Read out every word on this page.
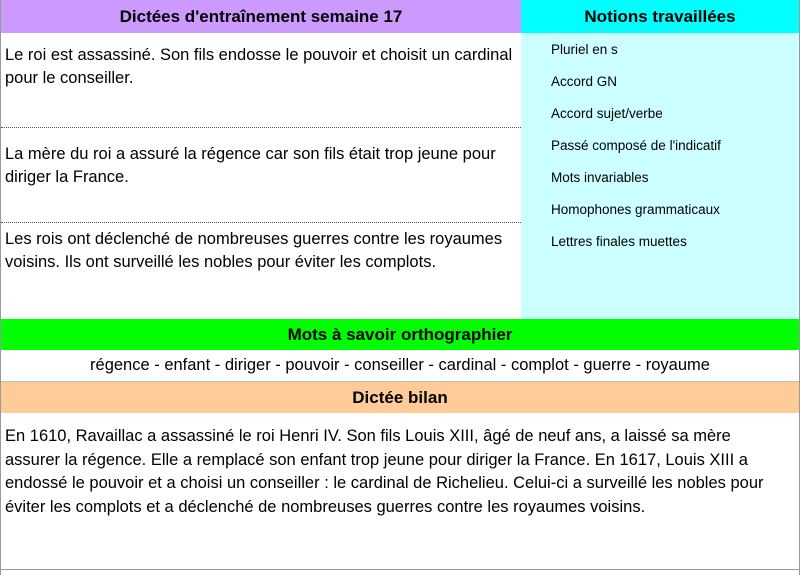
Dictées d'entraînement semaine 17
Le roi est assassiné. Son fils endosse le pouvoir et choisit un cardinal pour le conseiller.
La mère du roi a assuré la régence car son fils était trop jeune pour diriger la France.
Les rois ont déclenché de nombreuses guerres contre les royaumes voisins. Ils ont surveillé les nobles pour éviter les complots.
Notions travaillées
Pluriel en s
Accord GN
Accord sujet/verbe
Passé composé de l'indicatif
Mots invariables
Homophones grammaticaux
Lettres finales muettes
Mots à savoir orthographier
régence - enfant - diriger - pouvoir - conseiller - cardinal - complot - guerre - royaume
Dictée bilan
En 1610, Ravaillac a assassiné le roi Henri IV. Son fils Louis XIII, âgé de neuf ans, a laissé sa mère assurer la régence. Elle a remplacé son enfant trop jeune pour diriger la France. En 1617, Louis XIII a endossé le pouvoir et a choisi un conseiller : le cardinal de Richelieu. Celui-ci a surveillé les nobles pour éviter les complots et a déclenché de nombreuses guerres contre les royaumes voisins.
